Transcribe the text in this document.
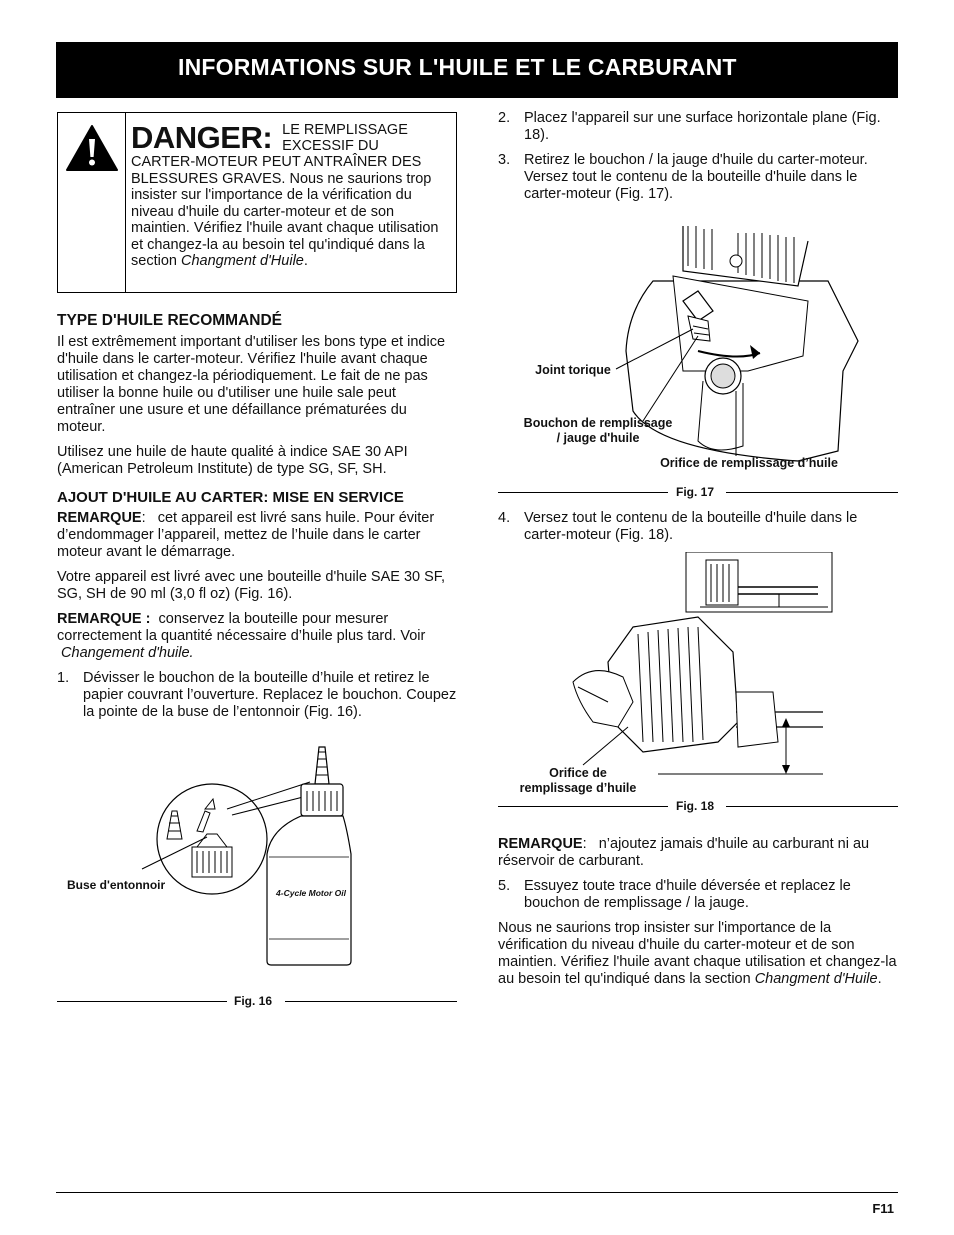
INFORMATIONS SUR L'HUILE ET LE CARBURANT
DANGER: LE REMPLISSAGE EXCESSIF DU
CARTER-MOTEUR PEUT ANTRAÎNER DES BLESSURES GRAVES. Nous ne saurions trop insister sur l'importance de la vérification du niveau d'huile du carter-moteur et de son maintien. Vérifiez l'huile avant chaque utilisation et changez-la au besoin tel qu'indiqué dans la section Changment d'Huile.
TYPE D'HUILE RECOMMANDÉ

Il est extrêmement important d'utiliser les bons type et indice d'huile dans le carter-moteur. Vérifiez l'huile avant chaque utilisation et changez-la périodiquement. Le fait de ne pas utiliser la bonne huile ou d'utiliser une huile sale peut entraîner une usure et une défaillance prématurées du moteur.

Utilisez une huile de haute qualité à indice SAE 30 API (American Petroleum Institute) de type SG, SF, SH.

AJOUT D'HUILE AU CARTER: MISE EN SERVICE
REMARQUE: cet appareil est livré sans huile. Pour éviter d’endommager l’appareil, mettez de l’huile dans le carter moteur avant le démarrage.

Votre appareil est livré avec une bouteille d'huile SAE 30 SF, SG, SH de 90 ml (3,0 fl oz) (Fig. 16).

REMARQUE : conservez la bouteille pour mesurer correctement la quantité nécessaire d’huile plus tard. Voir  Changement d'huile.
1. Dévisser le bouchon de la bouteille d’huile et retirez le papier couvrant l’ouverture. Replacez le bouchon. Coupez la pointe de la buse de l’entonnoir (Fig. 16).
4-Cycle Motor Oil
Buse d'entonnoir
Fig. 16
2. Placez l'appareil sur une surface horizontale plane (Fig. 18).
3. Retirez le bouchon / la jauge d'huile du carter-moteur. Versez tout le contenu de la bouteille d'huile dans le carter-moteur (Fig. 17).
Joint torique
Bouchon de remplissage
/ jauge d'huile
Orifice de remplissage d’huile
Fig. 17
4. Versez tout le contenu de la bouteille d'huile dans le carter-moteur (Fig. 18).
Orifice de
remplissage d’huile
Fig. 18
REMARQUE: n’ajoutez jamais d'huile au carburant ni au réservoir de carburant.
5. Essuyez toute trace d'huile déversée et replacez le bouchon de remplissage / la jauge.

Nous ne saurions trop insister sur l'importance de la vérification du niveau d'huile du carter-moteur et de son maintien. Vérifiez l'huile avant chaque utilisation et changez-la au besoin tel qu'indiqué dans la section Changment d'Huile.

F11
